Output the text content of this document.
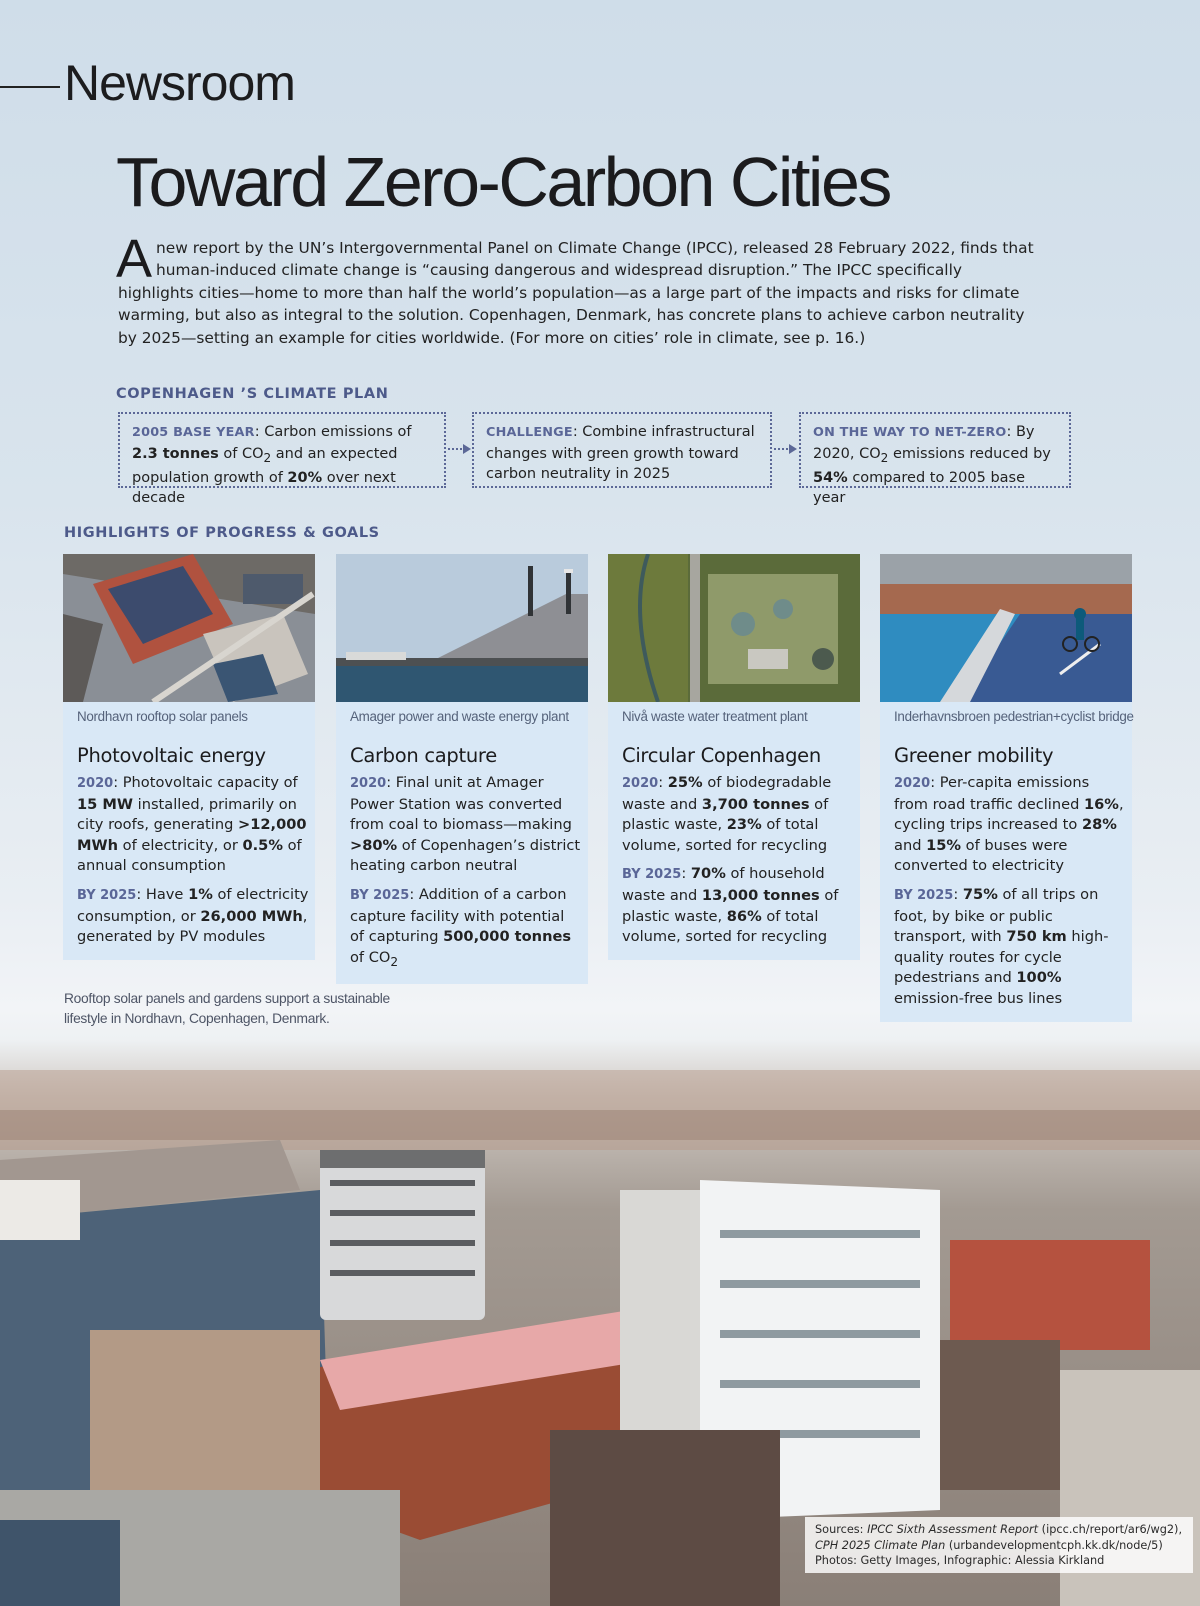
Newsroom
Toward Zero-Carbon Cities
A new report by the UN’s Intergovernmental Panel on Climate Change (IPCC), released 28 February 2022, finds that human-induced climate change is “causing dangerous and widespread disruption.” The IPCC specifically highlights cities—home to more than half the world’s population—as a large part of the impacts and risks for climate warming, but also as integral to the solution. Copenhagen, Denmark, has concrete plans to achieve carbon neutrality by 2025—setting an example for cities worldwide. (For more on cities’ role in climate, see p. 16.)
COPENHAGEN ’S CLIMATE PLAN
2005 BASE YEAR: Carbon emissions of 2.3 tonnes of $CO_2$ and an expected population growth of 20% over next decade
CHALLENGE: Combine infrastructural changes with green growth toward carbon neutrality in 2025
ON THE WAY TO NET-ZERO: By 2020, $CO_2$ emissions reduced by 54% compared to 2005 base year
HIGHLIGHTS OF PROGRESS & GOALS
Nordhavn rooftop solar panels
Photovoltaic energy

2020: Photovoltaic capacity of 15 MW installed, primarily on city roofs, generating >12,000 MWh of electricity, or 0.5% of annual consumption

BY 2025: Have 1% of electricity consumption, or 26,000 MWh, generated by PV modules

Amager power and waste energy plant
Carbon capture

2020: Final unit at Amager Power Station was converted from coal to biomass—making >80% of Copenhagen’s district heating carbon neutral

BY 2025: Addition of a carbon capture facility with potential of capturing 500,000 tonnes of $CO_2$

Nivå waste water treatment plant
Circular Copenhagen

2020: 25% of biodegradable waste and 3,700 tonnes of plastic waste, 23% of total volume, sorted for recycling

BY 2025: 70% of household waste and 13,000 tonnes of plastic waste, 86% of total volume, sorted for recycling

Inderhavnsbroen pedestrian+cyclist bridge
Greener mobility

2020: Per-capita emissions from road traffic declined 16%, cycling trips increased to 28% and 15% of buses were converted to electricity

BY 2025: 75% of all trips on foot, by bike or public transport, with 750 km high-quality routes for cycle pedestrians and 100% emission-free bus lines

Rooftop solar panels and gardens support a sustainable lifestyle in Nordhavn, Copenhagen, Denmark.
Sources: IPCC Sixth Assessment Report (ipcc.ch/report/ar6/wg2),
CPH 2025 Climate Plan (urbandevelopmentcph.kk.dk/node/5)
Photos: Getty Images, Infographic: Alessia Kirkland
